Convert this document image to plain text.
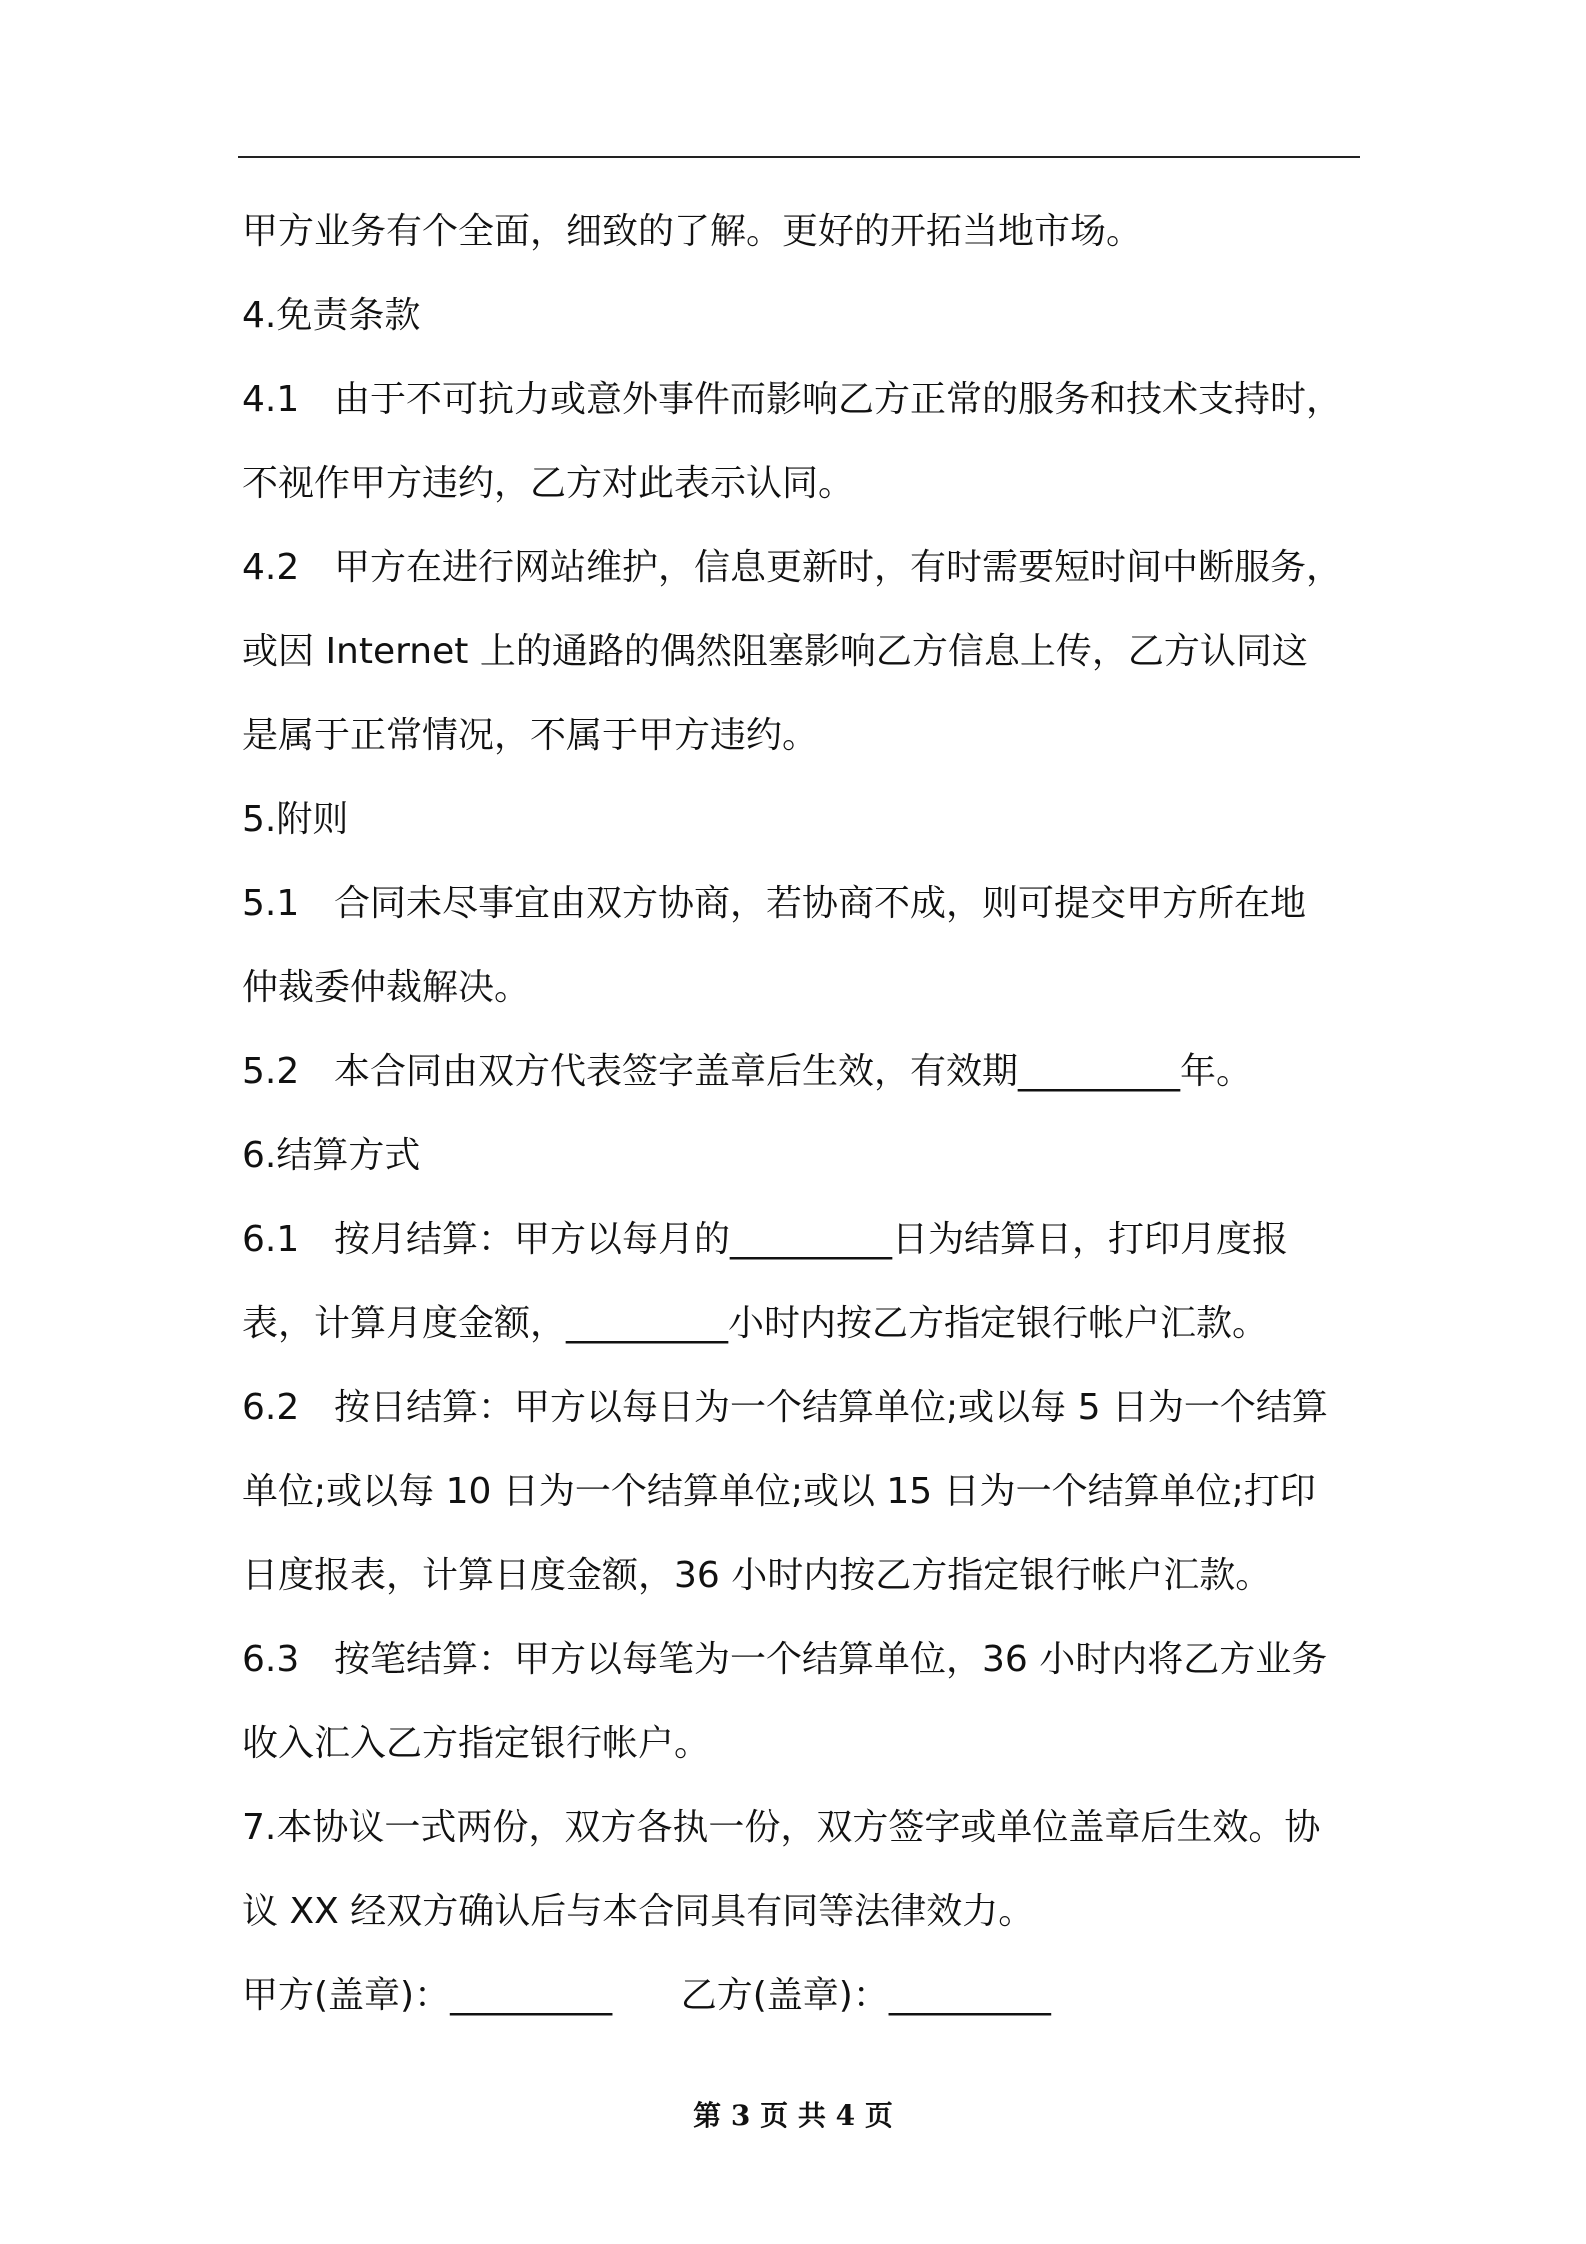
甲方业务有个全面，细致的了解。更好的开拓当地市场。
4.免责条款
4.1 由于不可抗力或意外事件而影响乙方正常的服务和技术支持时，
不视作甲方违约，乙方对此表示认同。
4.2 甲方在进行网站维护，信息更新时，有时需要短时间中断服务，
或因 Internet 上的通路的偶然阻塞影响乙方信息上传，乙方认同这
是属于正常情况，不属于甲方违约。
5.附则
5.1 合同未尽事宜由双方协商，若协商不成，则可提交甲方所在地
仲裁委仲裁解决。
5.2 本合同由双方代表签字盖章后生效，有效期_________年。
6.结算方式
6.1 按月结算：甲方以每月的_________日为结算日，打印月度报
表，计算月度金额，_________小时内按乙方指定银行帐户汇款。
6.2 按日结算：甲方以每日为一个结算单位;或以每 5 日为一个结算
单位;或以每 10 日为一个结算单位;或以 15 日为一个结算单位;打印
日度报表，计算日度金额，36 小时内按乙方指定银行帐户汇款。
6.3 按笔结算：甲方以每笔为一个结算单位，36 小时内将乙方业务
收入汇入乙方指定银行帐户。
7.本协议一式两份，双方各执一份，双方签字或单位盖章后生效。协
议 XX 经双方确认后与本合同具有同等法律效力。
甲方(盖章)：_________      乙方(盖章)：_________
第 3 页 共 4 页
